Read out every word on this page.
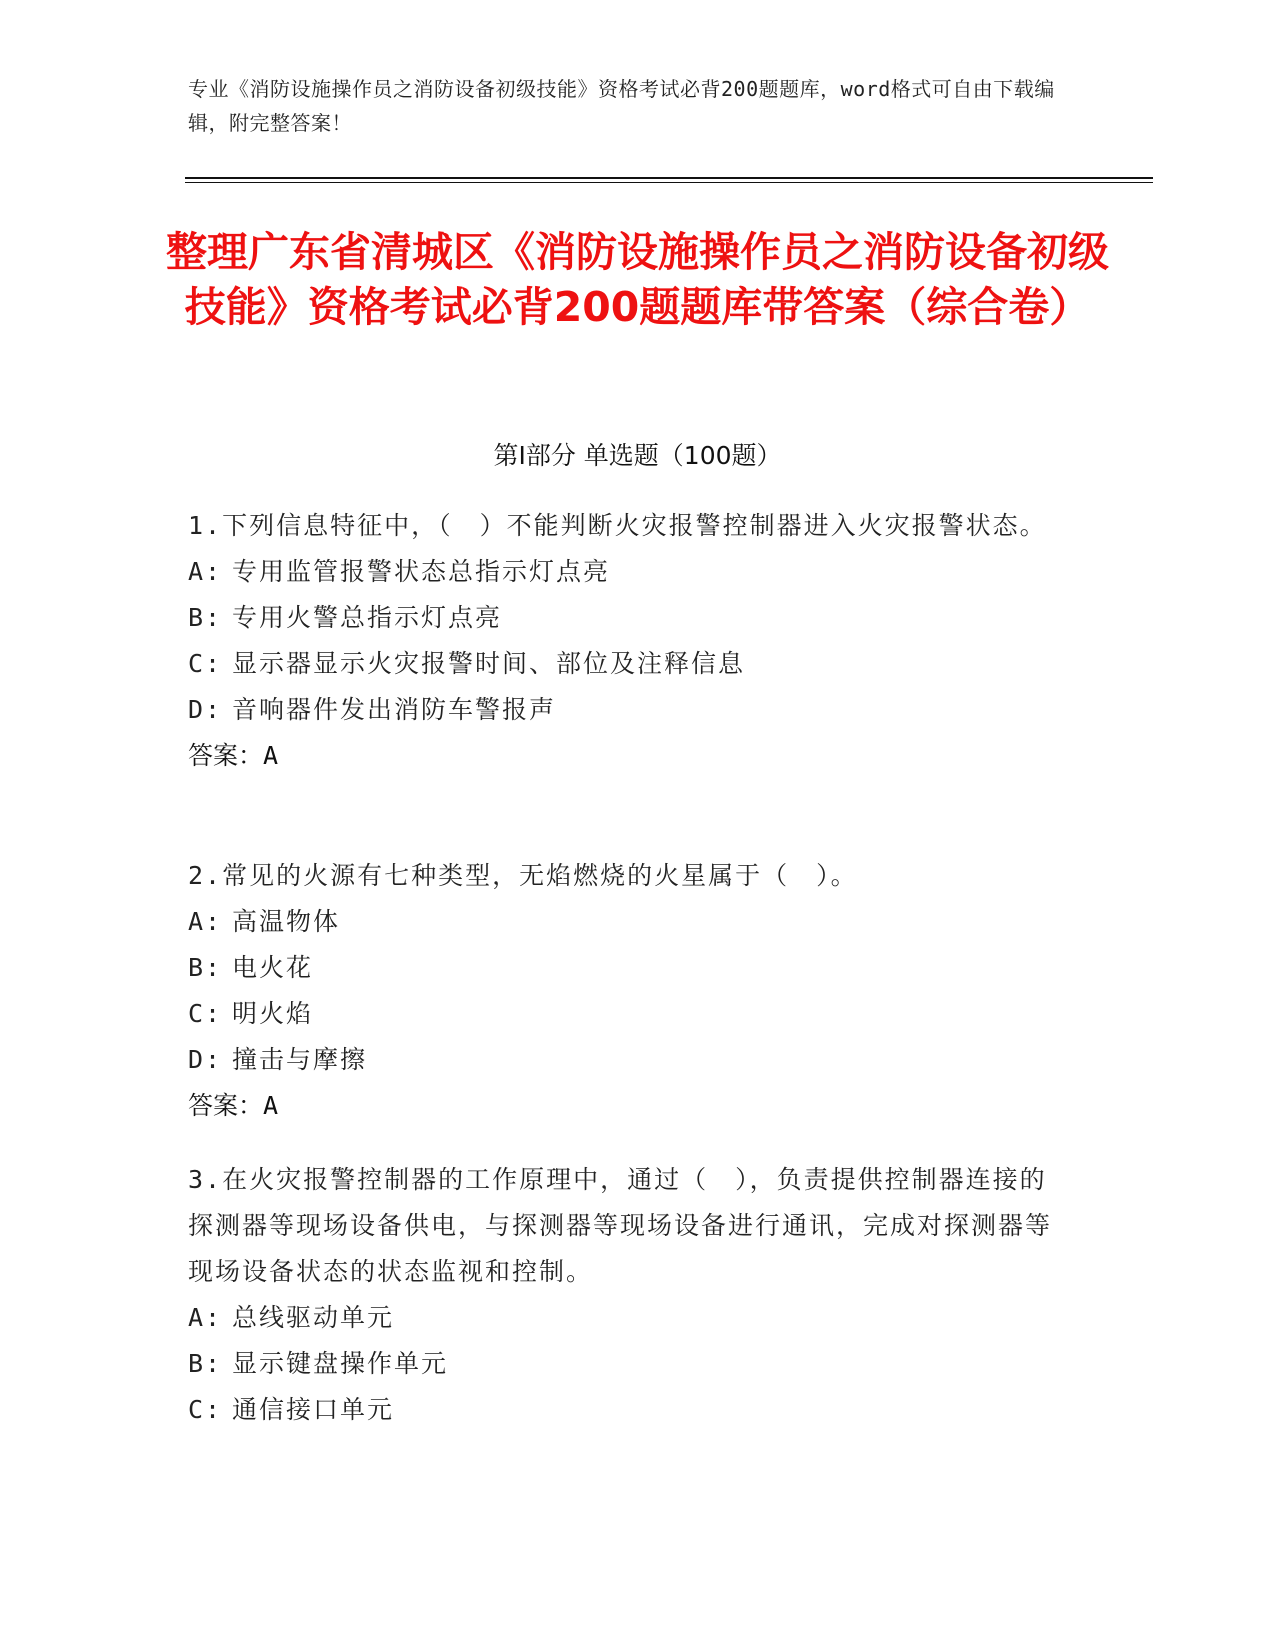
专业《消防设施操作员之消防设备初级技能》资格考试必背200题题库，word格式可自由下载编辑，附完整答案！
整理广东省清城区《消防设施操作员之消防设备初级技能》资格考试必背200题题库带答案（综合卷）
第Ⅰ部分 单选题（100题）
1.下列信息特征中，（　）不能判断火灾报警控制器进入火灾报警状态。
A: 专用监管报警状态总指示灯点亮
B: 专用火警总指示灯点亮
C: 显示器显示火灾报警时间、部位及注释信息
D: 音响器件发出消防车警报声
答案：A
2.常见的火源有七种类型，无焰燃烧的火星属于（　）。
A: 高温物体
B: 电火花
C: 明火焰
D: 撞击与摩擦
答案：A
3.在火灾报警控制器的工作原理中，通过（　），负责提供控制器连接的探测器等现场设备供电，与探测器等现场设备进行通讯，完成对探测器等现场设备状态的状态监视和控制。
A: 总线驱动单元
B: 显示键盘操作单元
C: 通信接口单元
